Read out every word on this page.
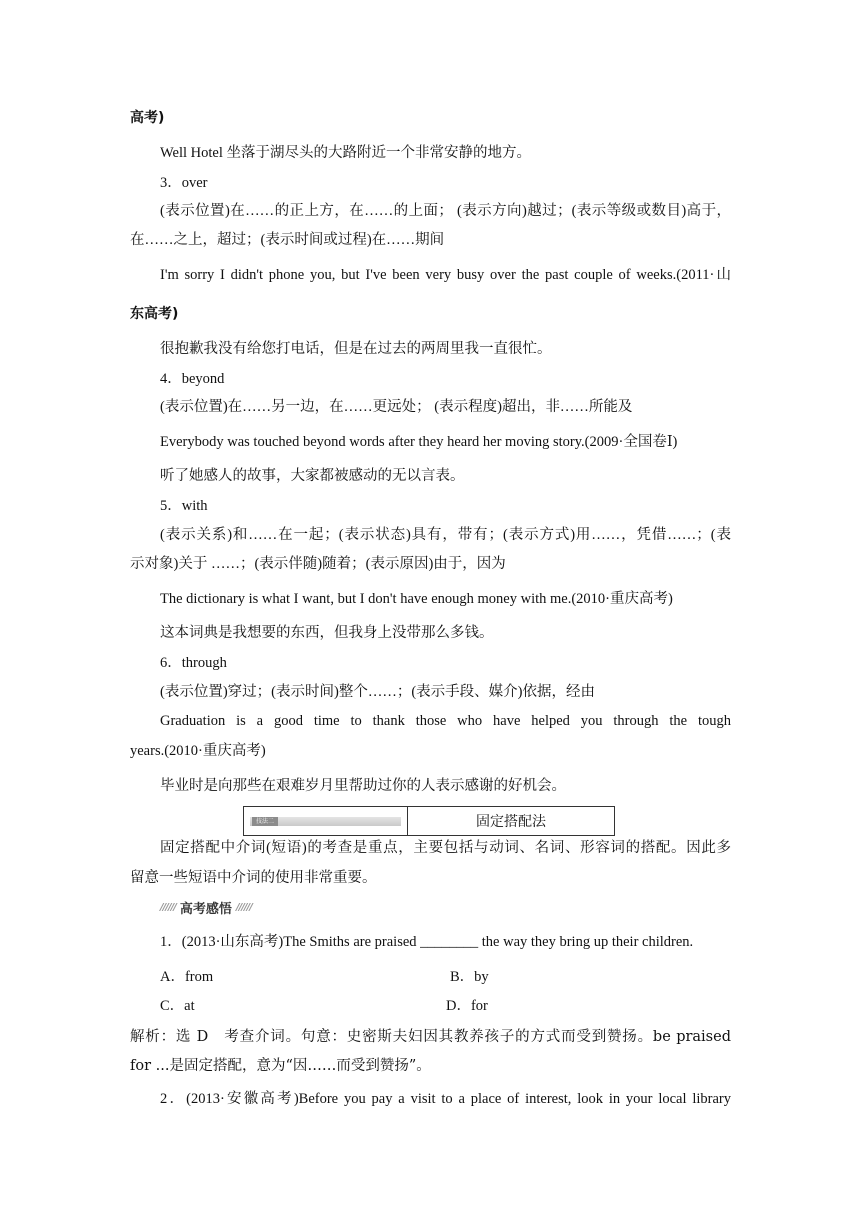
高考)
Well Hotel 坐落于湖尽头的大路附近一个非常安静的地方。
3．over
(表示位置)在……的正上方，在……的上面； (表示方向)越过；(表示等级或数目)高于，
在……之上，超过；(表示时间或过程)在……期间
I'm sorry I didn't phone you, but I've been very busy over the past couple of weeks.(2011·山
东高考)
很抱歉我没有给您打电话，但是在过去的两周里我一直很忙。
4．beyond
(表示位置)在……另一边，在……更远处； (表示程度)超出，非……所能及
Everybody was touched beyond words after they heard her moving story.(2009·全国卷Ⅰ)
听了她感人的故事，大家都被感动的无以言表。
5．with
(表示关系)和……在一起；(表示状态)具有，带有；(表示方式)用……，凭借……；(表
示对象)关于 ……；(表示伴随)随着；(表示原因)由于，因为
The dictionary is what I want, but I don't have enough money with me.(2010·重庆高考)
这本词典是我想要的东西，但我身上没带那么多钱。
6．through
(表示位置)穿过；(表示时间)整个……；(表示手段、媒介)依据，经由
Graduation is a good time to thank those who have helped you through the tough
years.(2010·重庆高考)
毕业时是向那些在艰难岁月里帮助过你的人表示感谢的好机会。
技法二	固定搭配法
固定搭配中介词(短语)的考查是重点，主要包括与动词、名词、形容词的搭配。因此多
留意一些短语中介词的使用非常重要。
////// 高考感悟 //////
1．(2013·山东高考)The Smiths are praised ________ the way they bring up their children.
A．from	B．by
C．at	D．for
解析：选 D　考查介词。句意：史密斯夫妇因其教养孩子的方式而受到赞扬。be praised
for ...是固定搭配，意为“因……而受到赞扬”。
2．(2013·安徽高考)Before you pay a visit to a place of interest, look in your local library
